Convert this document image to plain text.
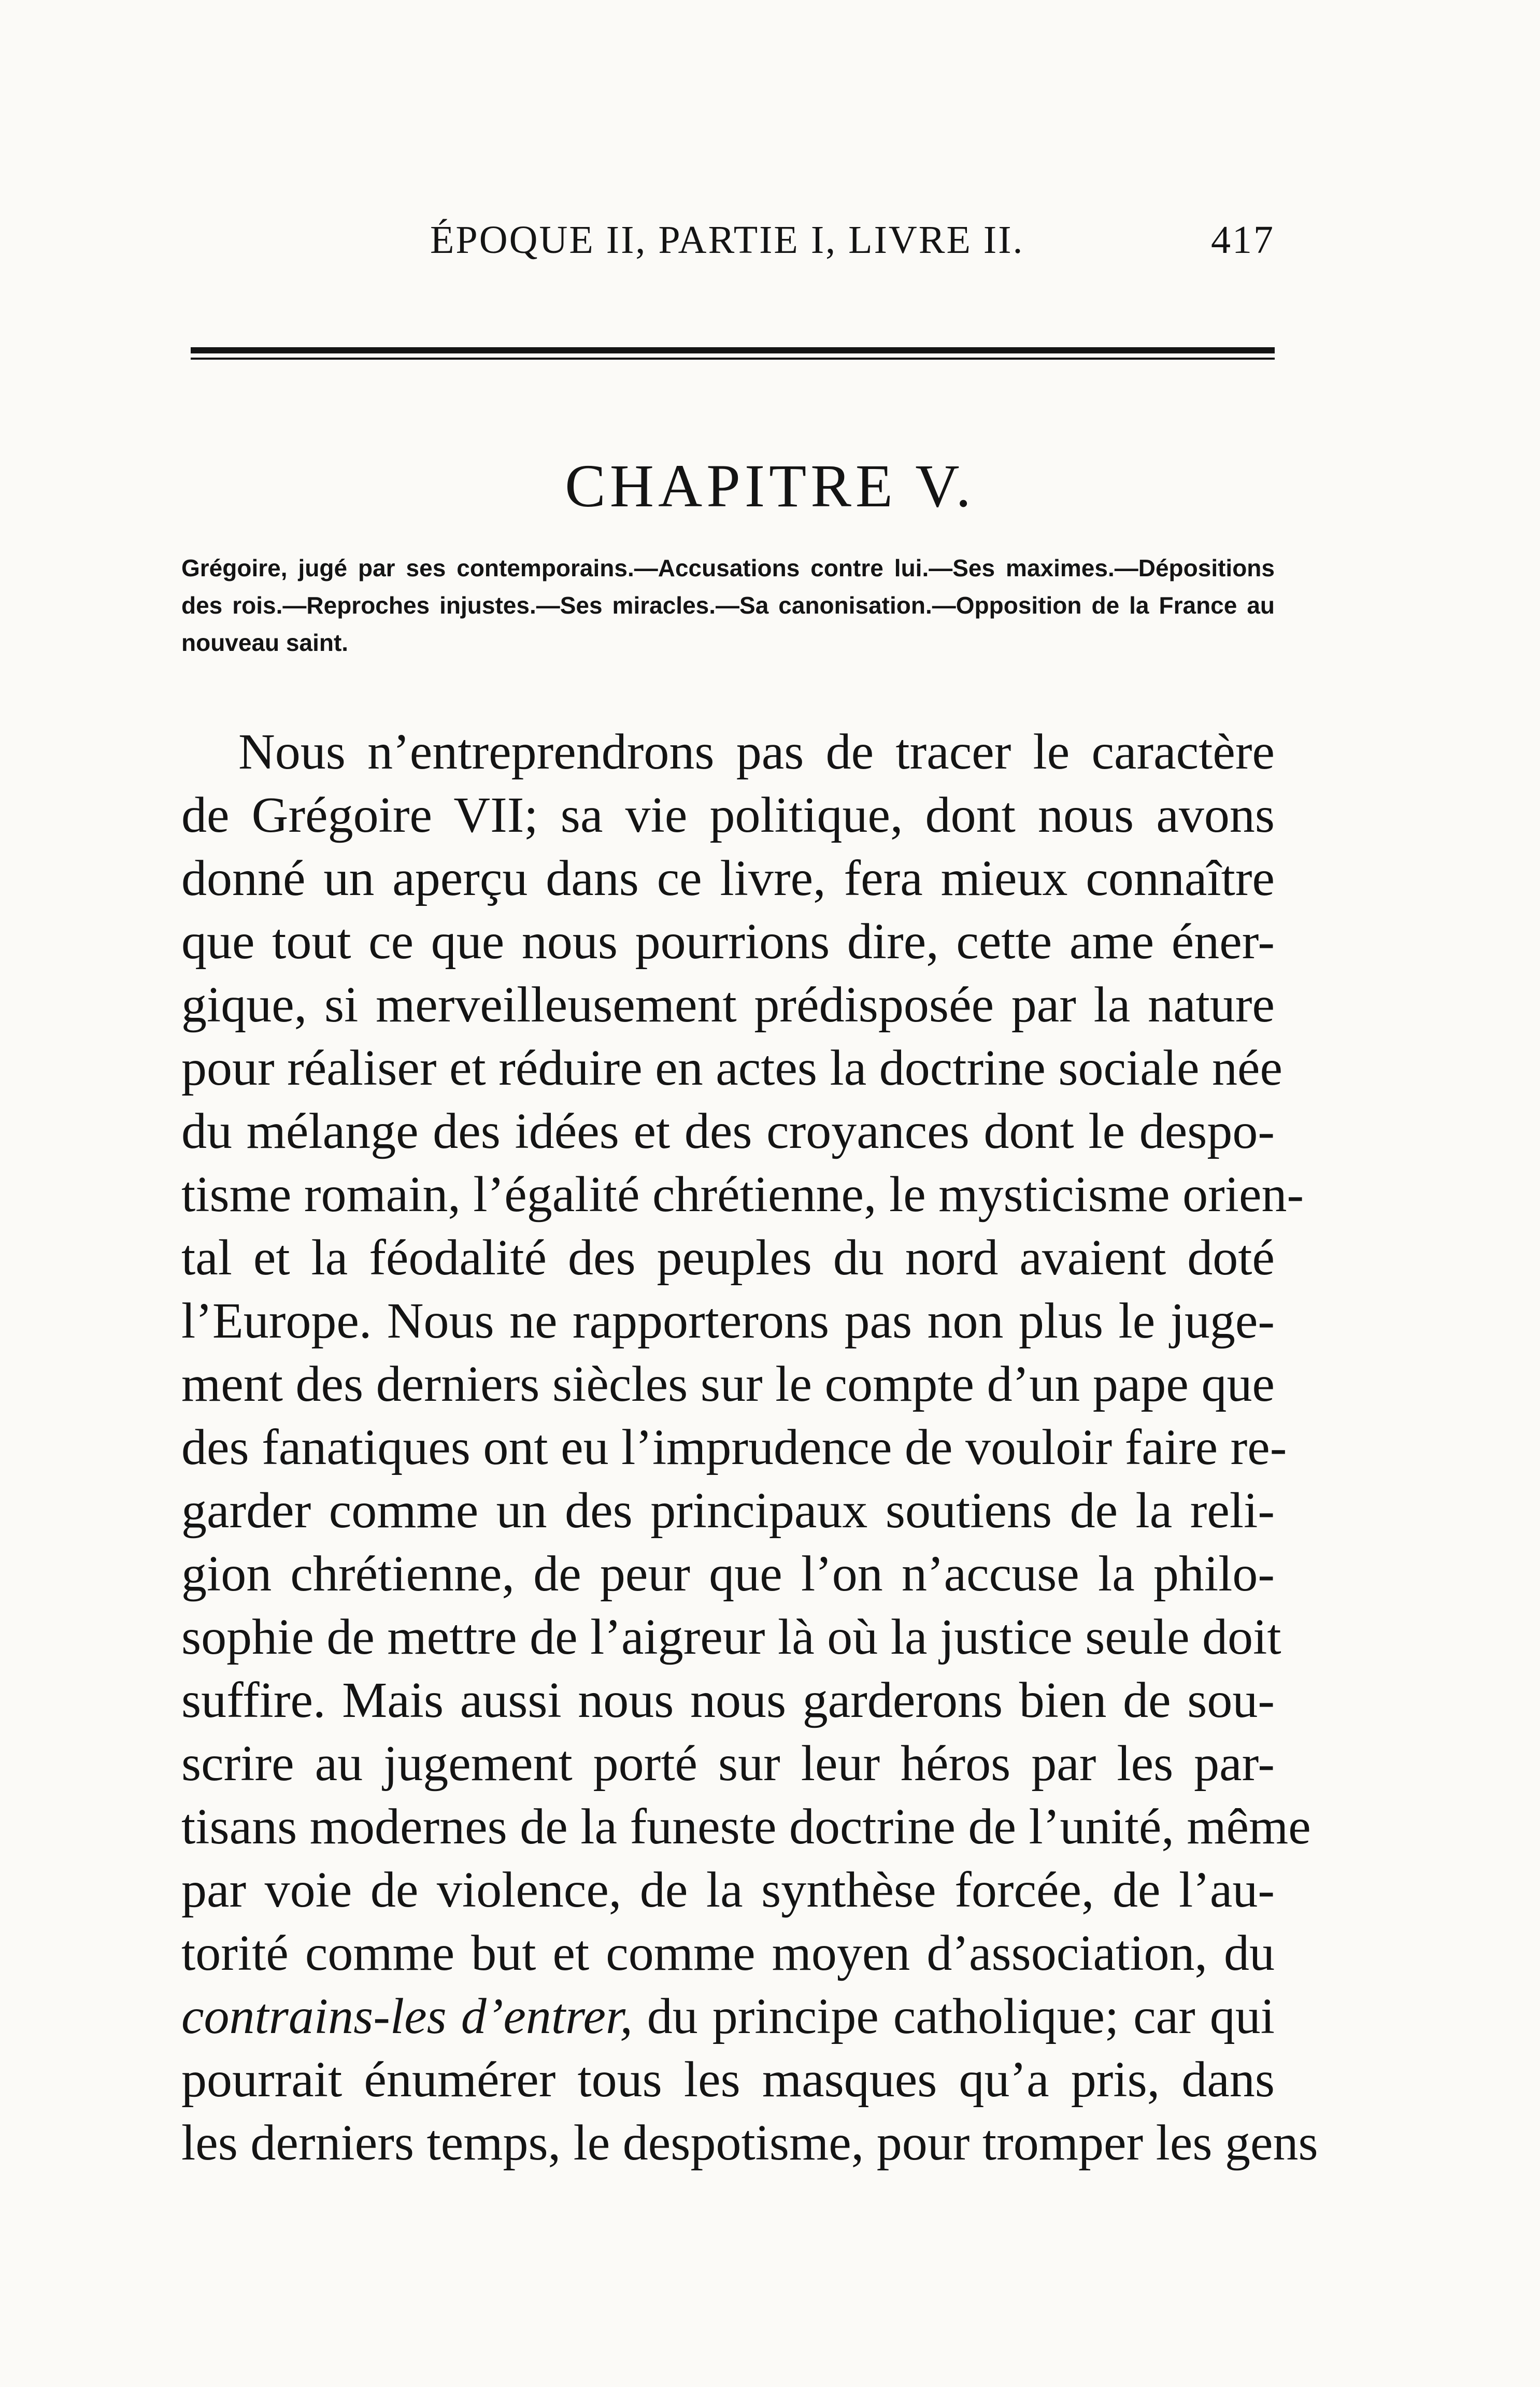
ÉPOQUE II, PARTIE I, LIVRE II.	417
CHAPITRE V.
Grégoire, jugé par ses contemporains.—Accusations contre lui.—Ses maximes.—Dépositions des rois.—Reproches injustes.—Ses miracles.—Sa canonisation.—Opposition de la France au nouveau saint.
Nous n’entreprendrons pas de tracer le caractère
de Grégoire VII; sa vie politique, dont nous avons
donné un aperçu dans ce livre, fera mieux connaître
que tout ce que nous pourrions dire, cette ame éner-
gique, si merveilleusement prédisposée par la nature
pour réaliser et réduire en actes la doctrine sociale née
du mélange des idées et des croyances dont le despo-
tisme romain, l’égalité chrétienne, le mysticisme orien-
tal et la féodalité des peuples du nord avaient doté
l’Europe. Nous ne rapporterons pas non plus le juge-
ment des derniers siècles sur le compte d’un pape que
des fanatiques ont eu l’imprudence de vouloir faire re-
garder comme un des principaux soutiens de la reli-
gion chrétienne, de peur que l’on n’accuse la philo-
sophie de mettre de l’aigreur là où la justice seule doit
suffire. Mais aussi nous nous garderons bien de sou-
scrire au jugement porté sur leur héros par les par-
tisans modernes de la funeste doctrine de l’unité, même
par voie de violence, de la synthèse forcée, de l’au-
torité comme but et comme moyen d’association, du
contrains-les d’entrer, du principe catholique; car qui
pourrait énumérer tous les masques qu’a pris, dans
les derniers temps, le despotisme, pour tromper les gens
